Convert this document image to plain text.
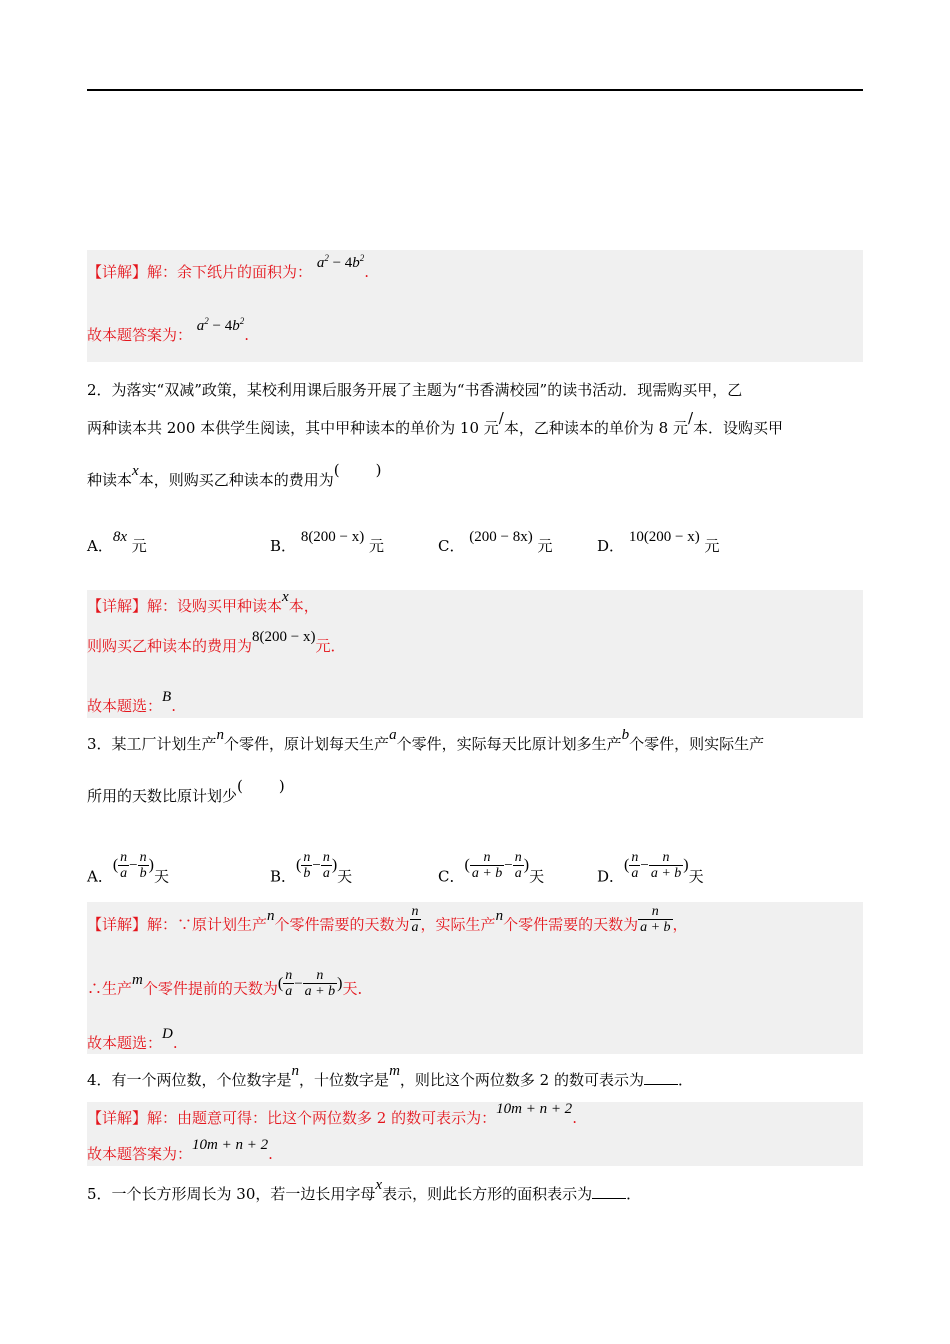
【详解】解：余下纸片的面积为： $a^2 - 4b^2$.
故本题答案为： $a^2 - 4b^2$.
2．为落实“双减”政策，某校利用课后服务开展了主题为“书香满校园”的读书活动．现需购买甲，乙
两种读本共 200 本供学生阅读，其中甲种读本的单价为 10 元/本，乙种读本的单价为 8 元/本．设购买甲
种读本x本，则购买乙种读本的费用为( )
A．8x 元	B． 8(200 − x) 元	C． (200 − 8x) 元	D． 10(200 − x) 元
【详解】解：设购买甲种读本x本，
则购买乙种读本的费用为8(200 − x)元．
故本题选：B.
3．某工厂计划生产n个零件，原计划每天生产a个零件，实际每天比原计划多生产b个零件，则实际生产
所用的天数比原计划少( )
A．( $\frac{n}{a} - \frac{n}{b}$ )天	B．( $\frac{n}{b} - \frac{n}{a}$ )天	C．( $\frac{n}{a + b} - \frac{n}{a}$ )天	D．( $\frac{n}{a} - \frac{n}{a + b}$ )天
【详解】解：∵原计划生产n个零件需要的天数为 $\frac{n}{a}$ ，实际生产n个零件需要的天数为 $\frac{n}{a + b}$ ，
∴生产m个零件提前的天数为( $\frac{n}{a} - \frac{n}{a + b}$ )天．
故本题选：D.
4．有一个两位数，个位数字是n，十位数字是m，则比这个两位数多 2 的数可表示为 ．
【详解】解：由题意可得：比这个两位数多 2 的数可表示为：10m + n + 2.
故本题答案为：10m + n + 2.
5．一个长方形周长为 30，若一边长用字母x表示，则此长方形的面积表示为 ．
